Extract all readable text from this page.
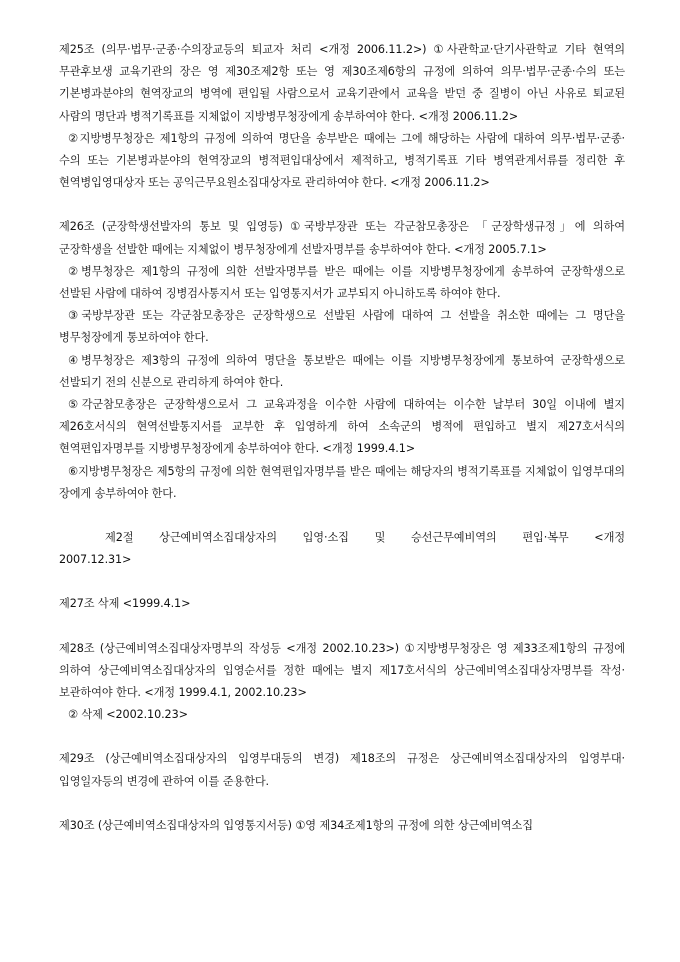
제25조 (의무·법무·군종·수의장교등의 퇴교자 처리 <개정 2006.11.2>) ①사관학교·단기사관학교 기타 현역의 무관후보생 교육기관의 장은 영 제30조제2항 또는 영 제30조제6항의 규정에 의하여 의무·법무·군종·수의 또는 기본병과분야의 현역장교의 병역에 편입될 사람으로서 교육기관에서 교육을 받던 중 질병이 아닌 사유로 퇴교된 사람의 명단과 병적기록표를 지체없이 지방병무청장에게 송부하여야 한다. <개정 2006.11.2>

②지방병무청장은 제1항의 규정에 의하여 명단을 송부받은 때에는 그에 해당하는 사람에 대하여 의무·법무·군종·수의 또는 기본병과분야의 현역장교의 병적편입대상에서 제적하고, 병적기록표 기타 병역관계서류를 정리한 후 현역병입영대상자 또는 공익근무요원소집대상자로 관리하여야 한다. <개정 2006.11.2>

제26조 (군장학생선발자의 통보 및 입영등) ①국방부장관 또는 각군참모총장은 「군장학생규정」에 의하여 군장학생을 선발한 때에는 지체없이 병무청장에게 선발자명부를 송부하여야 한다. <개정 2005.7.1>

②병무청장은 제1항의 규정에 의한 선발자명부를 받은 때에는 이를 지방병무청장에게 송부하여 군장학생으로 선발된 사람에 대하여 징병검사통지서 또는 입영통지서가 교부되지 아니하도록 하여야 한다.

③국방부장관 또는 각군참모총장은 군장학생으로 선발된 사람에 대하여 그 선발을 취소한 때에는 그 명단을 병무청장에게 통보하여야 한다.

④병무청장은 제3항의 규정에 의하여 명단을 통보받은 때에는 이를 지방병무청장에게 통보하여 군장학생으로 선발되기 전의 신분으로 관리하게 하여야 한다.

⑤각군참모총장은 군장학생으로서 그 교육과정을 이수한 사람에 대하여는 이수한 날부터 30일 이내에 별지 제26호서식의 현역선발통지서를 교부한 후 입영하게 하여 소속군의 병적에 편입하고 별지 제27호서식의 현역편입자명부를 지방병무청장에게 송부하여야 한다. <개정 1999.4.1>

⑥지방병무청장은 제5항의 규정에 의한 현역편입자명부를 받은 때에는 해당자의 병적기록표를 지체없이 입영부대의 장에게 송부하여야 한다.

제2절 상근예비역소집대상자의 입영·소집 및 승선근무예비역의 편입·복무 <개정 2007.12.31>

제27조 삭제 <1999.4.1>

제28조 (상근예비역소집대상자명부의 작성등 <개정 2002.10.23>) ①지방병무청장은 영 제33조제1항의 규정에 의하여 상근예비역소집대상자의 입영순서를 정한 때에는 별지 제17호서식의 상근예비역소집대상자명부를 작성·보관하여야 한다. <개정 1999.4.1, 2002.10.23>

② 삭제 <2002.10.23>

제29조 (상근예비역소집대상자의 입영부대등의 변경) 제18조의 규정은 상근예비역소집대상자의 입영부대·입영일자등의 변경에 관하여 이를 준용한다.

제30조 (상근예비역소집대상자의 입영통지서등) ①영 제34조제1항의 규정에 의한 상근예비역소집
